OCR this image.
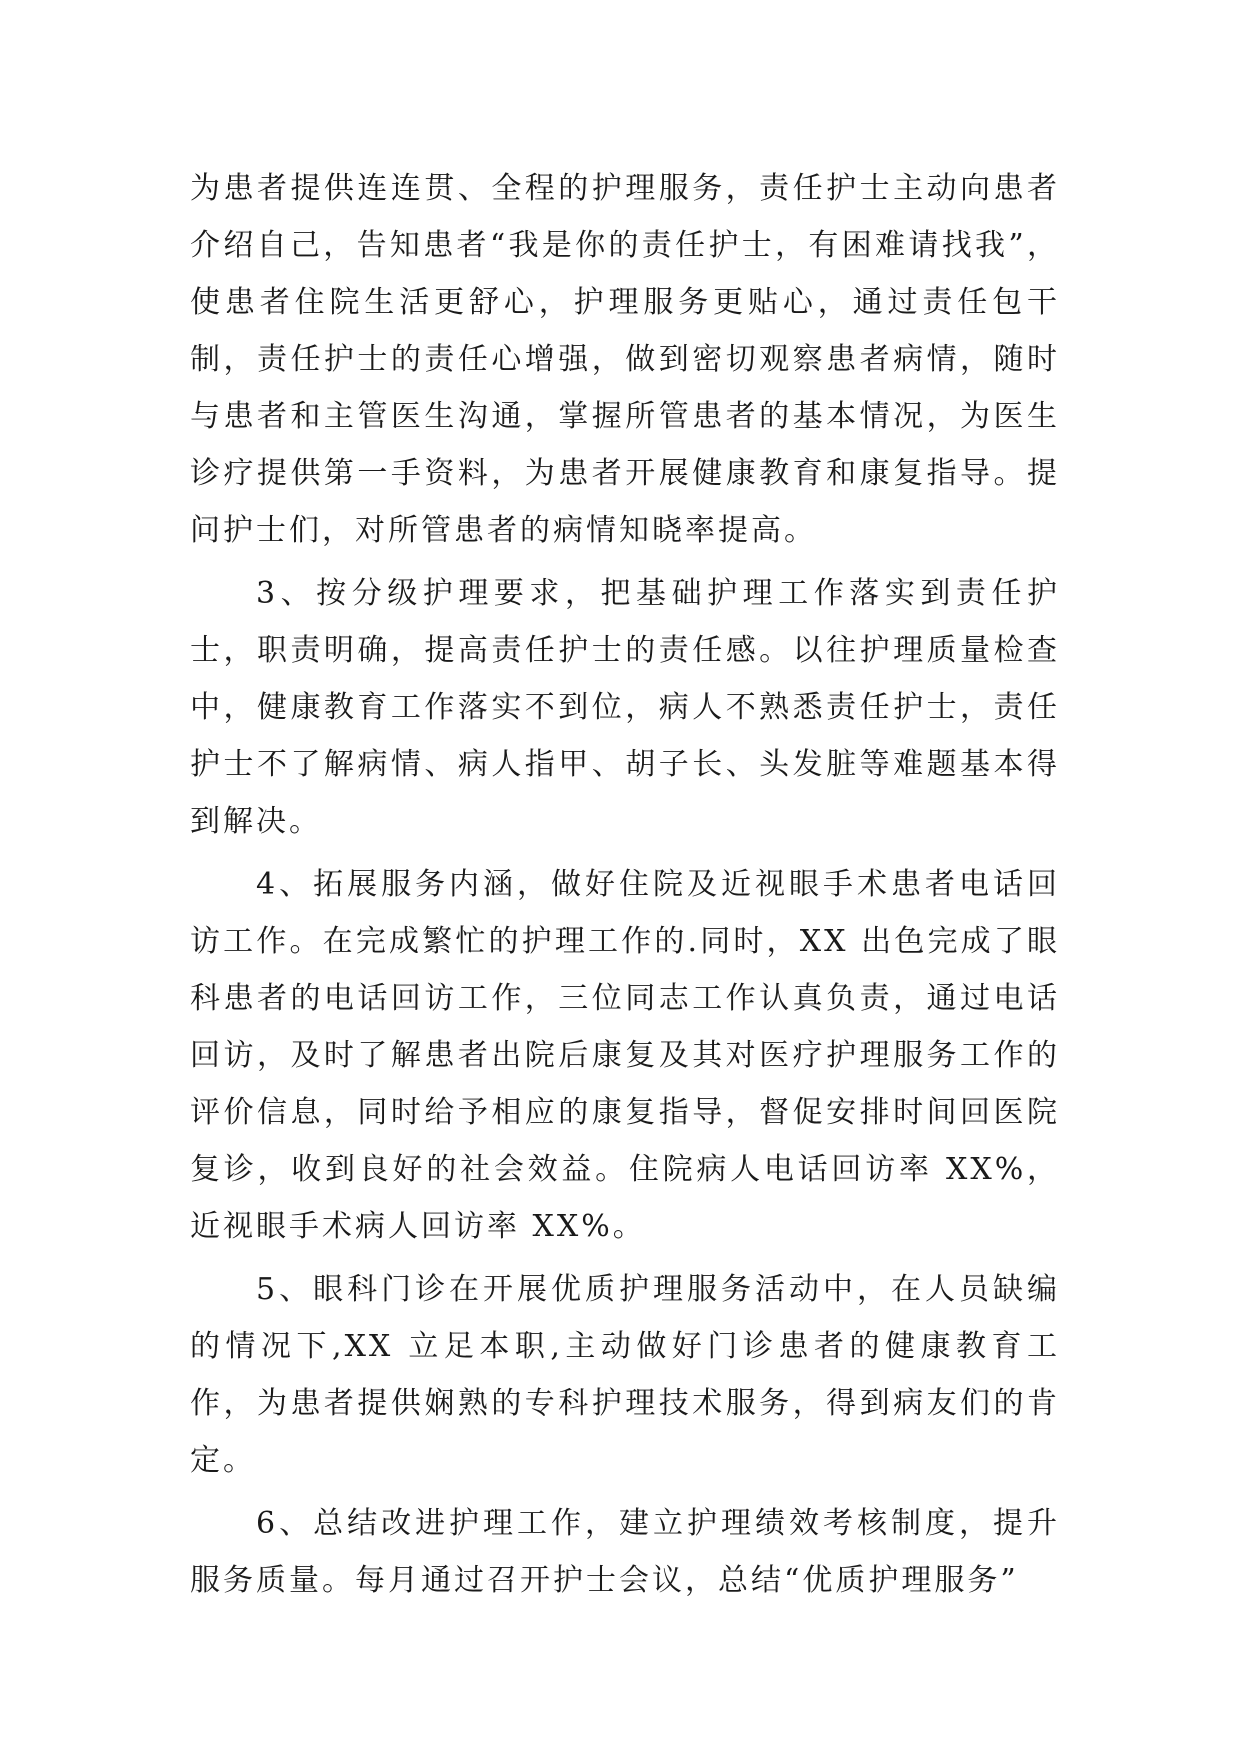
为患者提供连连贯、全程的护理服务，责任护士主动向患者介绍自己，告知患者“我是你的责任护士，有困难请找我”，使患者住院生活更舒心，护理服务更贴心，通过责任包干制，责任护士的责任心增强，做到密切观察患者病情，随时与患者和主管医生沟通，掌握所管患者的基本情况，为医生诊疗提供第一手资料，为患者开展健康教育和康复指导。提问护士们，对所管患者的病情知晓率提高。

3、按分级护理要求，把基础护理工作落实到责任护士，职责明确，提高责任护士的责任感。以往护理质量检查中，健康教育工作落实不到位，病人不熟悉责任护士，责任护士不了解病情、病人指甲、胡子长、头发脏等难题基本得到解决。

4、拓展服务内涵，做好住院及近视眼手术患者电话回访工作。在完成繁忙的护理工作的.同时，XX 出色完成了眼科患者的电话回访工作，三位同志工作认真负责，通过电话回访，及时了解患者出院后康复及其对医疗护理服务工作的评价信息，同时给予相应的康复指导，督促安排时间回医院复诊，收到良好的社会效益。住院病人电话回访率 XX%，近视眼手术病人回访率 XX%。

5、眼科门诊在开展优质护理服务活动中，在人员缺编的情况下,XX 立足本职,主动做好门诊患者的健康教育工作，为患者提供娴熟的专科护理技术服务，得到病友们的肯定。

6、总结改进护理工作，建立护理绩效考核制度，提升服务质量。每月通过召开护士会议，总结“优质护理服务”
